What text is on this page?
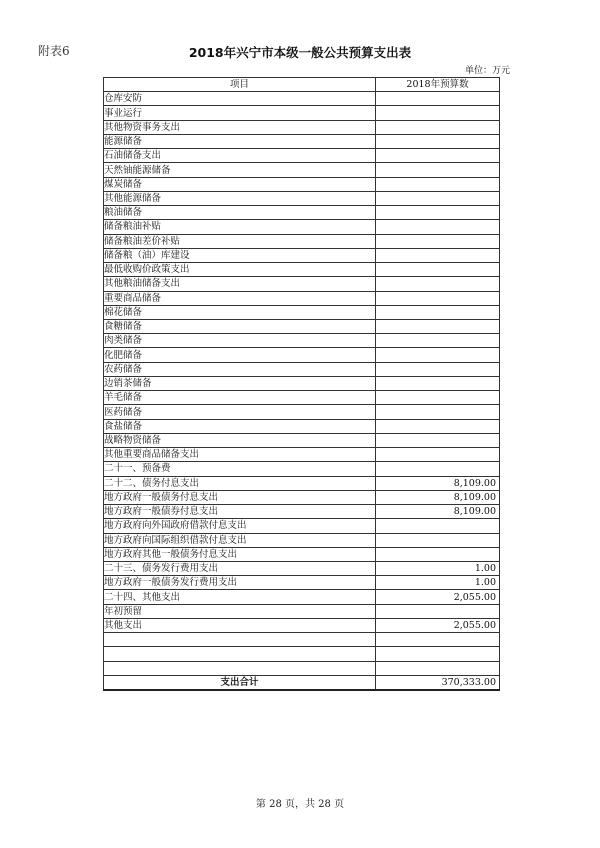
附表6	2018年兴宁市本级一般公共预算支出表
单位：万元
项目	2018年预算数
仓库安防	
事业运行	
其他物资事务支出	
能源储备	
石油储备支出	
天然铀能源储备	
煤炭储备	
其他能源储备	
粮油储备	
储备粮油补贴	
储备粮油差价补贴	
储备粮（油）库建设	
最低收购价政策支出	
其他粮油储备支出	
重要商品储备	
棉花储备	
食糖储备	
肉类储备	
化肥储备	
农药储备	
边销茶储备	
羊毛储备	
医药储备	
食盐储备	
战略物资储备	
其他重要商品储备支出	
二十一、预备费	
二十二、债务付息支出	8,109.00
地方政府一般债务付息支出	8,109.00
地方政府一般债券付息支出	8,109.00
地方政府向外国政府借款付息支出	
地方政府向国际组织借款付息支出	
地方政府其他一般债务付息支出	
二十三、债务发行费用支出	1.00
地方政府一般债务发行费用支出	1.00
二十四、其他支出	2,055.00
年初预留	
其他支出	2,055.00

支出合计	370,333.00
第 28 页，共 28 页
